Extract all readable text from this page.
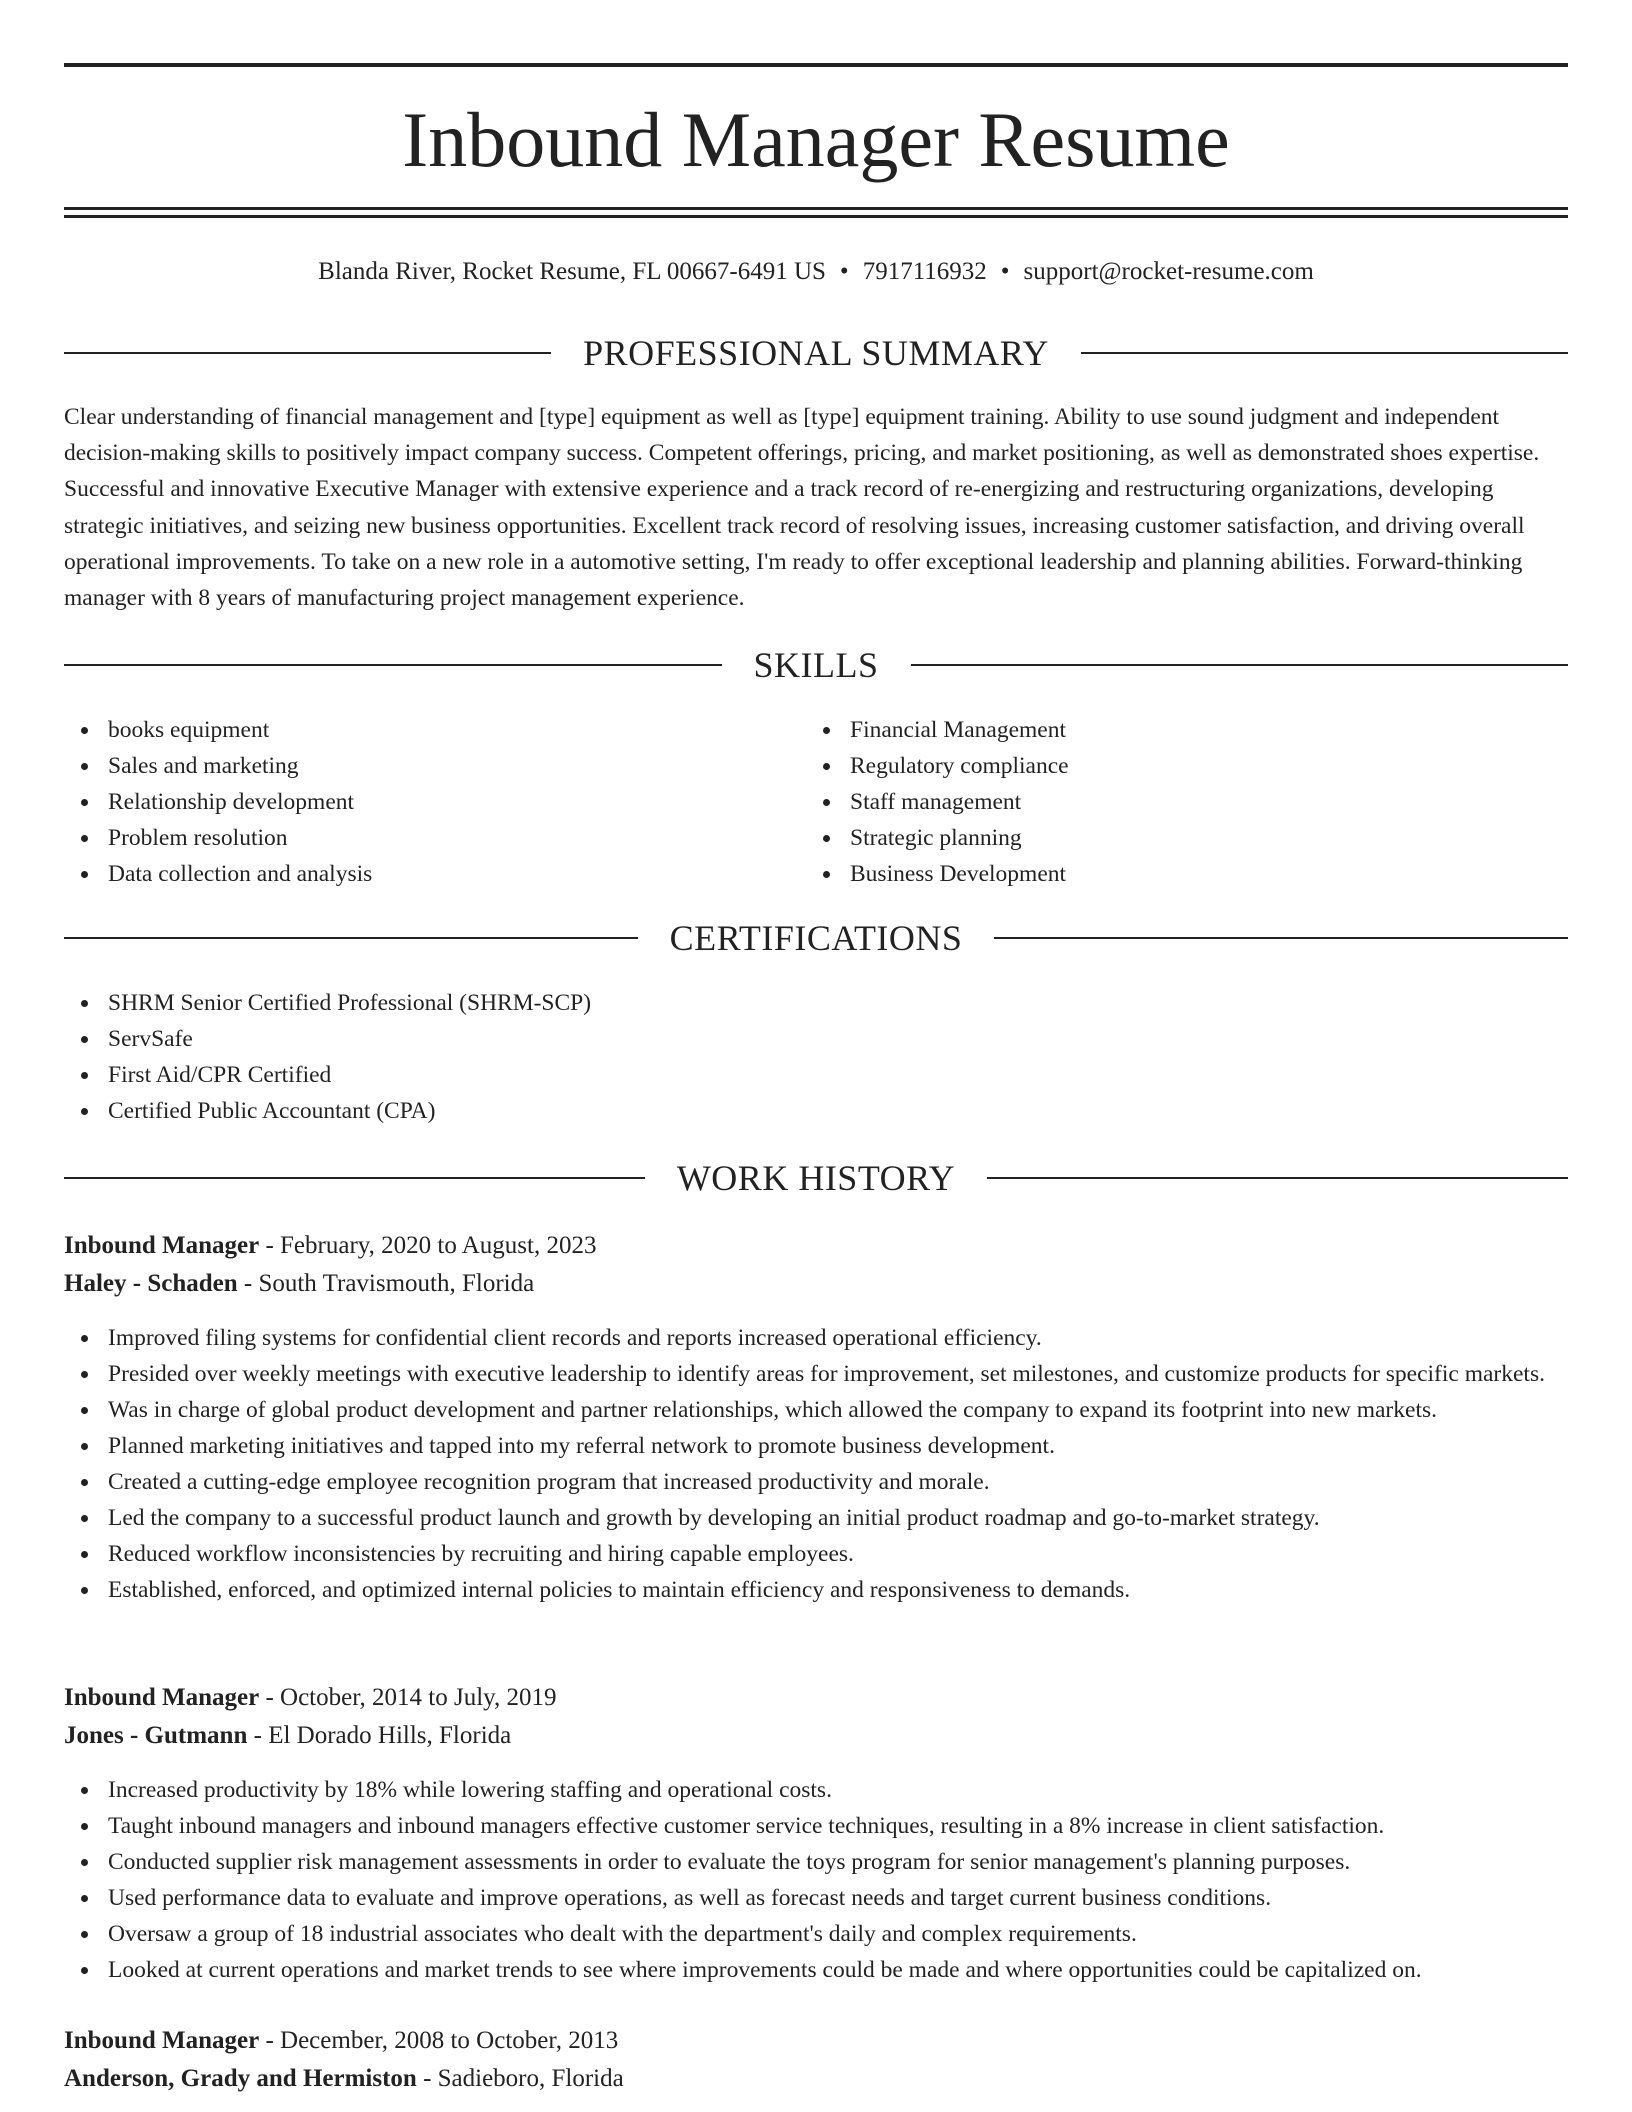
Inbound Manager Resume
Blanda River, Rocket Resume, FL 00667-6491 US • 7917116932 • support@rocket-resume.com
PROFESSIONAL SUMMARY

Clear understanding of financial management and [type] equipment as well as [type] equipment training. Ability to use sound judgment and independent decision-making skills to positively impact company success. Competent offerings, pricing, and market positioning, as well as demonstrated shoes expertise. Successful and innovative Executive Manager with extensive experience and a track record of re-energizing and restructuring organizations, developing strategic initiatives, and seizing new business opportunities. Excellent track record of resolving issues, increasing customer satisfaction, and driving overall operational improvements. To take on a new role in a automotive setting, I'm ready to offer exceptional leadership and planning abilities. Forward-thinking manager with 8 years of manufacturing project management experience.

SKILLS
books equipment
Sales and marketing
Relationship development
Problem resolution
Data collection and analysis
Financial Management
Regulatory compliance
Staff management
Strategic planning
Business Development
CERTIFICATIONS
SHRM Senior Certified Professional (SHRM-SCP)
ServSafe
First Aid/CPR Certified
Certified Public Accountant (CPA)
WORK HISTORY
Inbound Manager - February, 2020 to August, 2023
Haley - Schaden - South Travismouth, Florida
Improved filing systems for confidential client records and reports increased operational efficiency.
Presided over weekly meetings with executive leadership to identify areas for improvement, set milestones, and customize products for specific markets.
Was in charge of global product development and partner relationships, which allowed the company to expand its footprint into new markets.
Planned marketing initiatives and tapped into my referral network to promote business development.
Created a cutting-edge employee recognition program that increased productivity and morale.
Led the company to a successful product launch and growth by developing an initial product roadmap and go-to-market strategy.
Reduced workflow inconsistencies by recruiting and hiring capable employees.
Established, enforced, and optimized internal policies to maintain efficiency and responsiveness to demands.
Inbound Manager - October, 2014 to July, 2019
Jones - Gutmann - El Dorado Hills, Florida
Increased productivity by 18% while lowering staffing and operational costs.
Taught inbound managers and inbound managers effective customer service techniques, resulting in a 8% increase in client satisfaction.
Conducted supplier risk management assessments in order to evaluate the toys program for senior management's planning purposes.
Used performance data to evaluate and improve operations, as well as forecast needs and target current business conditions.
Oversaw a group of 18 industrial associates who dealt with the department's daily and complex requirements.
Looked at current operations and market trends to see where improvements could be made and where opportunities could be capitalized on.
Inbound Manager - December, 2008 to October, 2013
Anderson, Grady and Hermiston - Sadieboro, Florida
